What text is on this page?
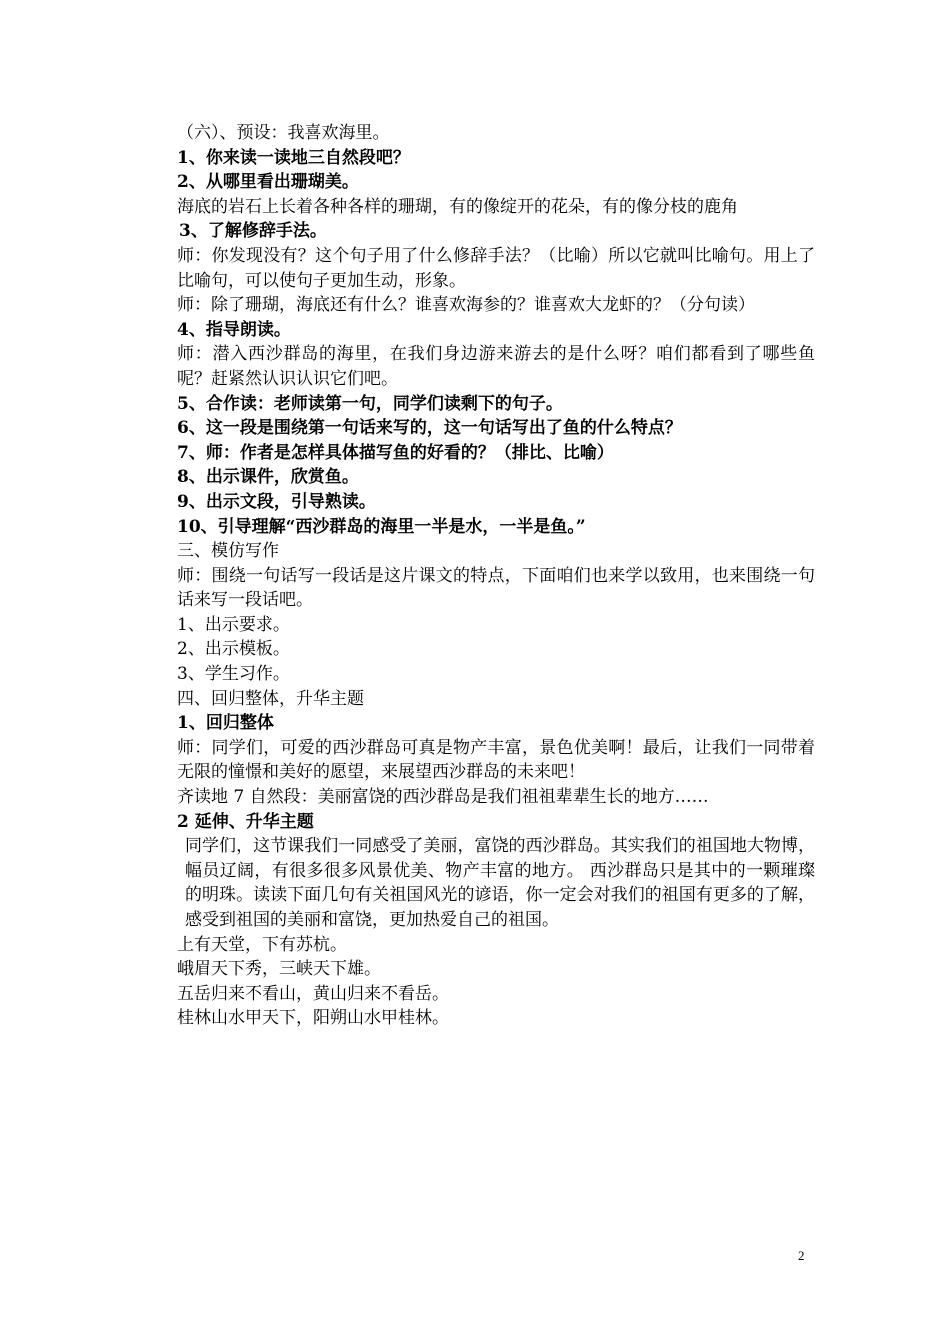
（六）、预设：我喜欢海里。

1、你来读一读地三自然段吧？

2、从哪里看出珊瑚美。

海底的岩石上长着各种各样的珊瑚，有的像绽开的花朵，有的像分枝的鹿角

3、了解修辞手法。

师：你发现没有？这个句子用了什么修辞手法？（比喻）所以它就叫比喻句。用上了比喻句，可以使句子更加生动，形象。

师：除了珊瑚，海底还有什么？谁喜欢海参的？谁喜欢大龙虾的？（分句读）

4、指导朗读。

师：潜入西沙群岛的海里，在我们身边游来游去的是什么呀？咱们都看到了哪些鱼呢？赶紧然认识认识它们吧。

5、合作读：老师读第一句，同学们读剩下的句子。

6、这一段是围绕第一句话来写的，这一句话写出了鱼的什么特点？

7、师：作者是怎样具体描写鱼的好看的？（排比、比喻）

8、出示课件，欣赏鱼。

9、出示文段，引导熟读。

10、引导理解“西沙群岛的海里一半是水，一半是鱼。”

三、模仿写作

师：围绕一句话写一段话是这片课文的特点，下面咱们也来学以致用，也来围绕一句话来写一段话吧。

1、出示要求。

2、出示模板。

3、学生习作。

四、回归整体，升华主题

1、回归整体

师：同学们，可爱的西沙群岛可真是物产丰富，景色优美啊！最后，让我们一同带着无限的憧憬和美好的愿望，来展望西沙群岛的未来吧！

齐读地 7 自然段：美丽富饶的西沙群岛是我们祖祖辈辈生长的地方……

2 延伸、升华主题

同学们，这节课我们一同感受了美丽，富饶的西沙群岛。其实我们的祖国地大物博，幅员辽阔，有很多很多风景优美、物产丰富的地方。 西沙群岛只是其中的一颗璀璨的明珠。读读下面几句有关祖国风光的谚语，你一定会对我们的祖国有更多的了解，感受到祖国的美丽和富饶，更加热爱自己的祖国。

上有天堂，下有苏杭。

峨眉天下秀，三峡天下雄。

五岳归来不看山，黄山归来不看岳。

桂林山水甲天下，阳朔山水甲桂林。

2
